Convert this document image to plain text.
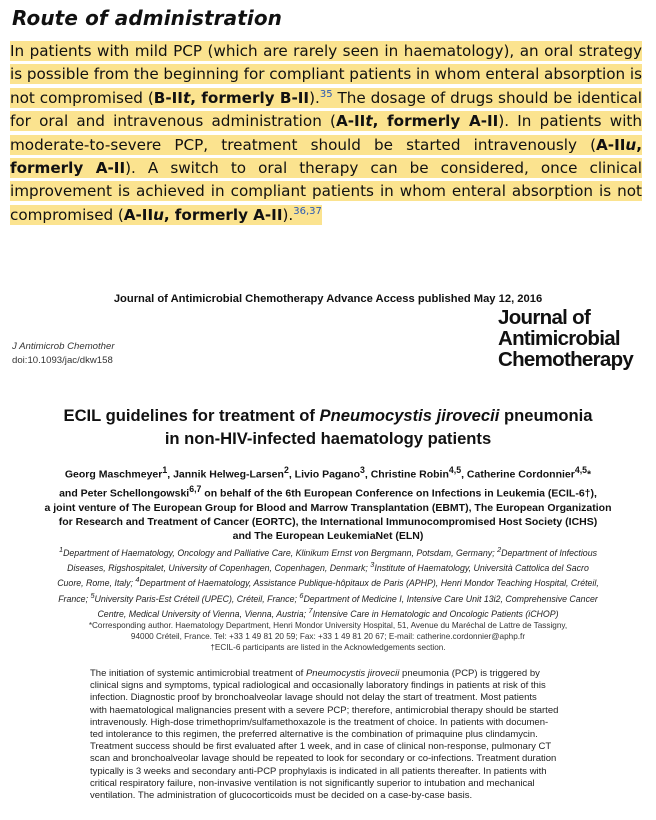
Route of administration

In patients with mild PCP (which are rarely seen in haematology), an oral strategy is possible from the beginning for compliant patients in whom enteral absorption is not compromised (B-IIt, formerly B-II).$^{35}$ The dosage of drugs should be identical for oral and intravenous administration (A-IIt, formerly A-II). In patients with moderate-to-severe PCP, treatment should be started intravenously (A-IIu, formerly A-II). A switch to oral therapy can be considered, once clinical improvement is achieved in compliant patients in whom enteral absorption is not compromised (A-IIu, formerly A-II).$^{36,37}$

Journal of Antimicrobial Chemotherapy Advance Access published May 12, 2016
J Antimicrob Chemother
doi:10.1093/jac/dkw158
Journal of
Antimicrobial
Chemotherapy
ECIL guidelines for treatment of Pneumocystis jirovecii pneumonia
in non-HIV-infected haematology patients
Georg Maschmeyer$^1$, Jannik Helweg-Larsen$^2$, Livio Pagano$^3$, Christine Robin$^{4,5}$, Catherine Cordonnier$^{4,5}$*
and Peter Schellongowski$^{6,7}$ on behalf of the 6th European Conference on Infections in Leukemia (ECIL-6†),
a joint venture of The European Group for Blood and Marrow Transplantation (EBMT), The European Organization
for Research and Treatment of Cancer (EORTC), the International Immunocompromised Host Society (ICHS)
and The European LeukemiaNet (ELN)
$^1$Department of Haematology, Oncology and Palliative Care, Klinikum Ernst von Bergmann, Potsdam, Germany; $^2$Department of Infectious
Diseases, Rigshospitalet, University of Copenhagen, Copenhagen, Denmark; $^3$Institute of Haematology, Università Cattolica del Sacro
Cuore, Rome, Italy; $^4$Department of Haematology, Assistance Publique-hôpitaux de Paris (APHP), Henri Mondor Teaching Hospital, Créteil,
France; $^5$University Paris-Est Créteil (UPEC), Créteil, France; $^6$Department of Medicine I, Intensive Care Unit 13i2, Comprehensive Cancer
Centre, Medical University of Vienna, Vienna, Austria; $^7$Intensive Care in Hematologic and Oncologic Patients (iCHOP)
*Corresponding author. Haematology Department, Henri Mondor University Hospital, 51, Avenue du Maréchal de Lattre de Tassigny,
94000 Créteil, France. Tel: +33 1 49 81 20 59; Fax: +33 1 49 81 20 67; E-mail: catherine.cordonnier@aphp.fr
†ECIL-6 participants are listed in the Acknowledgements section.
The initiation of systemic antimicrobial treatment of Pneumocystis jirovecii pneumonia (PCP) is triggered by
clinical signs and symptoms, typical radiological and occasionally laboratory findings in patients at risk of this
infection. Diagnostic proof by bronchoalveolar lavage should not delay the start of treatment. Most patients
with haematological malignancies present with a severe PCP; therefore, antimicrobial therapy should be started
intravenously. High-dose trimethoprim/sulfamethoxazole is the treatment of choice. In patients with documen-
ted intolerance to this regimen, the preferred alternative is the combination of primaquine plus clindamycin.
Treatment success should be first evaluated after 1 week, and in case of clinical non-response, pulmonary CT
scan and bronchoalveolar lavage should be repeated to look for secondary or co-infections. Treatment duration
typically is 3 weeks and secondary anti-PCP prophylaxis is indicated in all patients thereafter. In patients with
critical respiratory failure, non-invasive ventilation is not significantly superior to intubation and mechanical
ventilation. The administration of glucocorticoids must be decided on a case-by-case basis.
